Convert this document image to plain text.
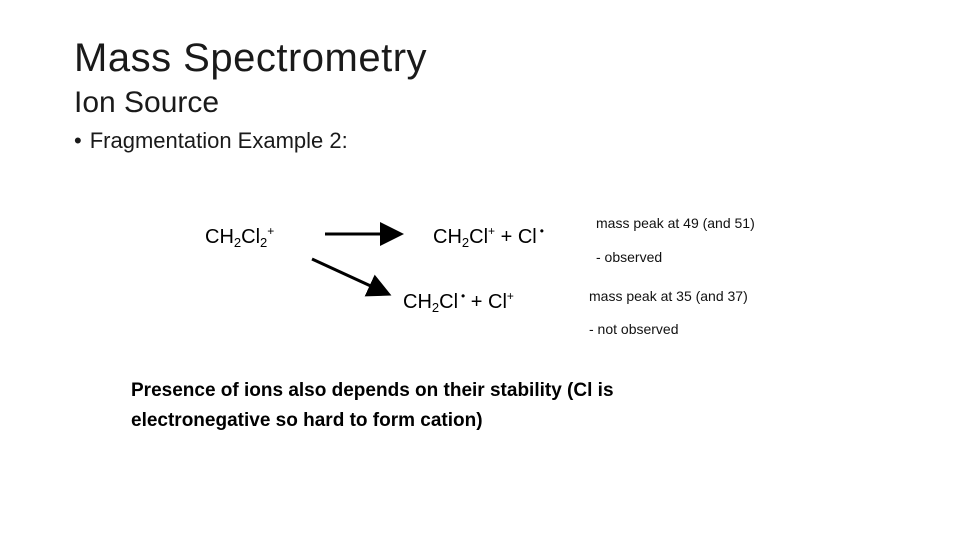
Mass Spectrometry
Ion Source
• Fragmentation Example 2:
$CH_2Cl_2^+$	$CH_2Cl^+ + Cl$ •
$CH_2Cl$ • + Cl+
mass peak at 49 (and 51)
- observed
mass peak at 35 (and 37)
- not observed
Presence of ions also depends on their stability (Cl is electronegative so hard to form cation)
